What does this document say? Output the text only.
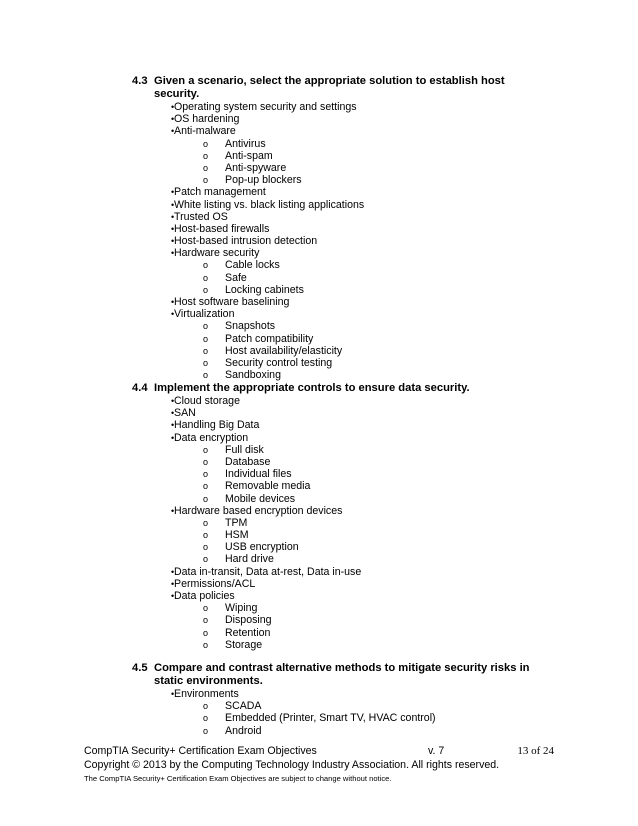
4.3 Given a scenario, select the appropriate solution to establish host security.
• Operating system security and settings
• OS hardening
• Anti-malware
o Antivirus
o Anti-spam
o Anti-spyware
o Pop-up blockers
• Patch management
• White listing vs. black listing applications
• Trusted OS
• Host-based firewalls
• Host-based intrusion detection
• Hardware security
o Cable locks
o Safe
o Locking cabinets
• Host software baselining
• Virtualization
o Snapshots
o Patch compatibility
o Host availability/elasticity
o Security control testing
o Sandboxing
4.4 Implement the appropriate controls to ensure data security.
• Cloud storage
• SAN
• Handling Big Data
• Data encryption
o Full disk
o Database
o Individual files
o Removable media
o Mobile devices
• Hardware based encryption devices
o TPM
o HSM
o USB encryption
o Hard drive
• Data in-transit, Data at-rest, Data in-use
• Permissions/ACL
• Data policies
o Wiping
o Disposing
o Retention
o Storage
4.5 Compare and contrast alternative methods to mitigate security risks in static environments.
• Environments
o SCADA
o Embedded (Printer, Smart TV, HVAC control)
o Android
CompTIA Security+ Certification Exam Objectives	v. 7	13 of 24
Copyright © 2013 by the Computing Technology Industry Association. All rights reserved.
The CompTIA Security+ Certification Exam Objectives are subject to change without notice.
